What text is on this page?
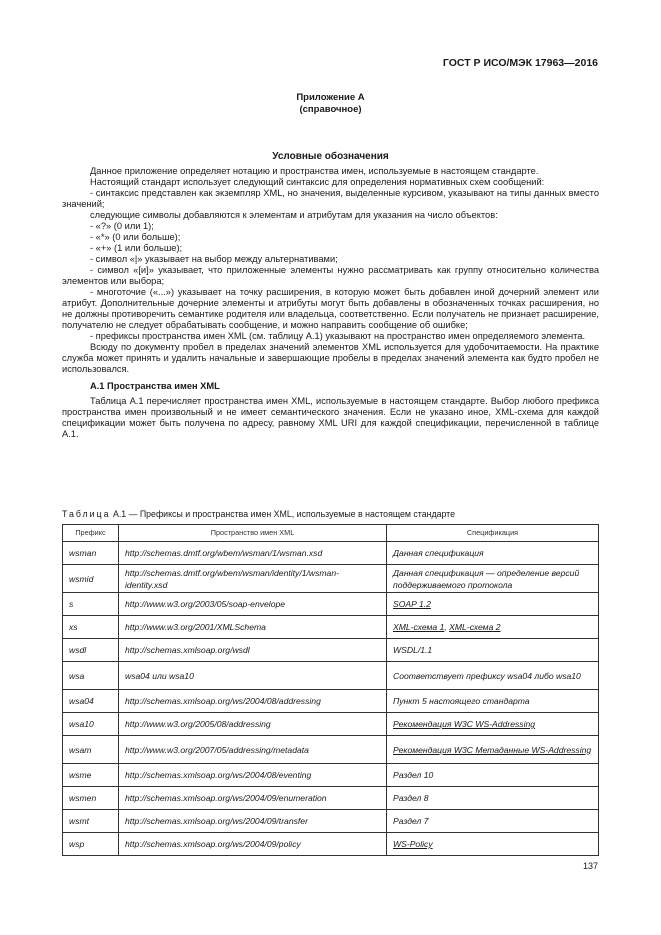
ГОСТ Р ИСО/МЭК 17963—2016
Приложение А
(справочное)
Условные обозначения

Данное приложение определяет нотацию и пространства имен, используемые в настоящем стандарте.

Настоящий стандарт использует следующий синтаксис для определения нормативных схем сообщений:

- синтаксис представлен как экземпляр XML, но значения, выделенные курсивом, указывают на типы данных вместо значений;

следующие символы добавляются к элементам и атрибутам для указания на число объектов:

- «?» (0 или 1);

- «*» (0 или больше);

- «+» (1 или больше);

- символ «|» указывает на выбор между альтернативами;

- символ «[и]» указывает, что приложенные элементы нужно рассматривать как группу относительно количества элементов или выбора;

- многоточие («...») указывает на точку расширения, в которую может быть добавлен иной дочерний элемент или атрибут. Дополнительные дочерние элементы и атрибуты могут быть добавлены в обозначенных точках расширения, но не должны противоречить семантике родителя или владельца, соответственно. Если получатель не признает расширение, получателю не следует обрабатывать сообщение, и можно направить сообщение об ошибке;

- префиксы пространства имен XML (см. таблицу А.1) указывают на пространство имен определяемого элемента.

Всюду по документу пробел в пределах значений элементов XML используется для удобочитаемости. На практике служба может принять и удалить начальные и завершающие пробелы в пределах значений элемента как будто пробел не использовался.

А.1 Пространства имен XML

Таблица А.1 перечисляет пространства имен XML, используемые в настоящем стандарте. Выбор любого префикса пространства имен произвольный и не имеет семантического значения. Если не указано иное, XML-схема для каждой спецификации может быть получена по адресу, равному XML URI для каждой спецификации, перечисленной в таблице А.1.

Таблица А.1 — Префиксы и пространства имен XML, используемые в настоящем стандарте
Префикс	Пространство имен XML	Спецификация
wsman	http://schemas.dmtf.org/wbem/wsman/1/wsman.xsd	Данная спецификация
wsmid	http://schemas.dmtf.org/wbem/wsman/identity/1/wsman-identity.xsd	Данная спецификация — определение версий поддерживаемого протокола
s	http://www.w3.org/2003/05/soap-envelope	SOAP 1.2
xs	http://www.w3.org/2001/XMLSchema	XML-схема 1, XML-схема 2
wsdl	http://schemas.xmlsoap.org/wsdl	WSDL/1.1
wsa	wsa04 или wsa10	Соответствует префиксу wsa04 либо wsa10
wsa04	http://schemas.xmlsoap.org/ws/2004/08/addressing	Пункт 5 настоящего стандарта
wsa10	http://www.w3.org/2005/08/addressing	Рекомендация W3C WS-Addressing
wsam	http://www.w3.org/2007/05/addressing/metadata	Рекомендация W3C Метаданные WS-Addressing
wsme	http://schemas.xmlsoap.org/ws/2004/08/eventing	Раздел 10
wsmen	http://schemas.xmlsoap.org/ws/2004/09/enumeration	Раздел 8
wsmt	http://schemas.xmlsoap.org/ws/2004/09/transfer	Раздел 7
wsp	http://schemas.xmlsoap.org/ws/2004/09/policy	WS-Policy
137
